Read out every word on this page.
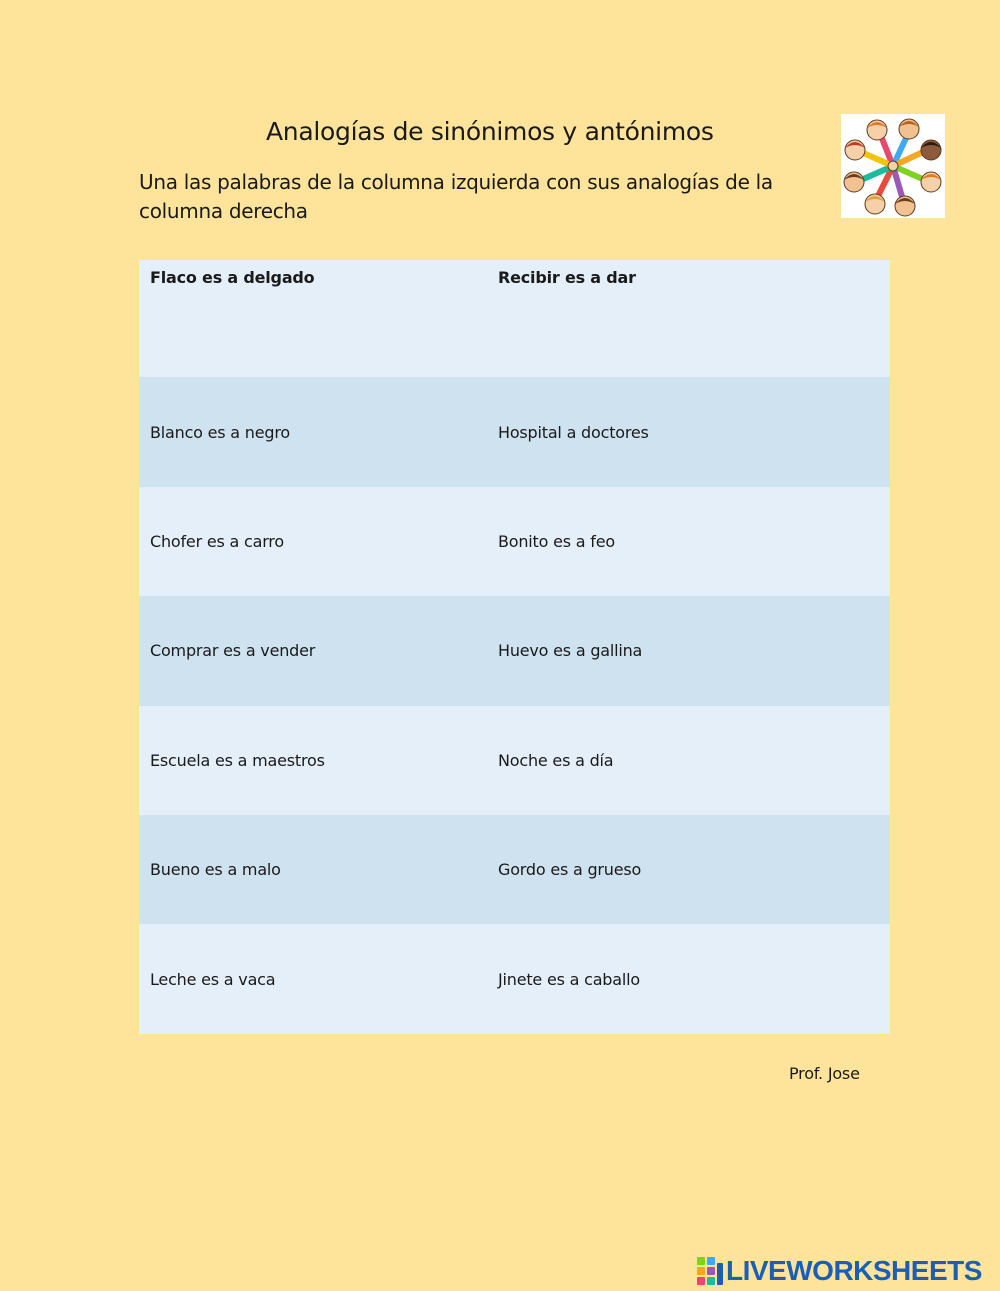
Analogías de sinónimos y antónimos
Una las palabras de la columna izquierda con sus analogías de la columna derecha
Flaco es a delgado	Recibir es a dar
Blanco es a negro	Hospital a doctores
Chofer es a carro	Bonito es a feo
Comprar es a vender	Huevo es a gallina
Escuela es a maestros	Noche es a día
Bueno es a malo	Gordo es a grueso
Leche es a vaca	Jinete es a caballo
Prof. Jose
LIVEWORKSHEETS
